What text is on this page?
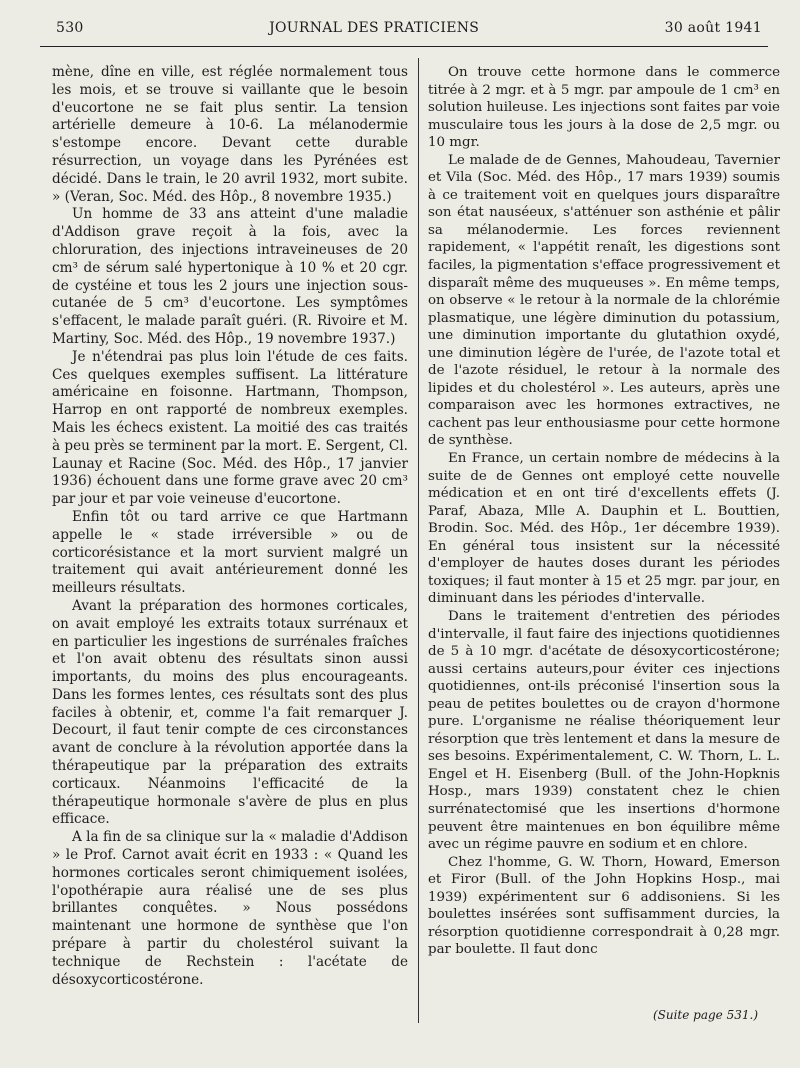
530	JOURNAL DES PRATICIENS	30 août 1941

mène, dîne en ville, est réglée normalement tous les mois, et se trouve si vaillante que le besoin d'eucortone ne se fait plus sentir. La tension artérielle demeure à 10-6. La mélanodermie s'estompe encore. Devant cette durable résurrection, un voyage dans les Pyrénées est décidé. Dans le train, le 20 avril 1932, mort subite. » (Veran, Soc. Méd. des Hôp., 8 novembre 1935.)

Un homme de 33 ans atteint d'une maladie d'Addison grave reçoit à la fois, avec la chloruration, des injections intraveineuses de 20 cm³ de sérum salé hypertonique à 10 % et 20 cgr. de cystéine et tous les 2 jours une injection sous-cutanée de 5 cm³ d'eucortone. Les symptômes s'effacent, le malade paraît guéri. (R. Rivoire et M. Martiny, Soc. Méd. des Hôp., 19 novembre 1937.)

Je n'étendrai pas plus loin l'étude de ces faits. Ces quelques exemples suffisent. La littérature américaine en foisonne. Hartmann, Thompson, Harrop en ont rapporté de nombreux exemples. Mais les échecs existent. La moitié des cas traités à peu près se terminent par la mort. E. Sergent, Cl. Launay et Racine (Soc. Méd. des Hôp., 17 janvier 1936) échouent dans une forme grave avec 20 cm³ par jour et par voie veineuse d'eucortone.

Enfin tôt ou tard arrive ce que Hartmann appelle le « stade irréversible » ou de corticorésistance et la mort survient malgré un traitement qui avait antérieurement donné les meilleurs résultats.

Avant la préparation des hormones corticales, on avait employé les extraits totaux surrénaux et en particulier les ingestions de surrénales fraîches et l'on avait obtenu des résultats sinon aussi importants, du moins des plus encourageants. Dans les formes lentes, ces résultats sont des plus faciles à obtenir, et, comme l'a fait remarquer J. Decourt, il faut tenir compte de ces circonstances avant de conclure à la révolution apportée dans la thérapeutique par la préparation des extraits corticaux. Néanmoins l'efficacité de la thérapeutique hormonale s'avère de plus en plus efficace.

A la fin de sa clinique sur la « maladie d'Addison » le Prof. Carnot avait écrit en 1933 : « Quand les hormones corticales seront chimiquement isolées, l'opothérapie aura réalisé une de ses plus brillantes conquêtes. » Nous possédons maintenant une hormone de synthèse que l'on prépare à partir du cholestérol suivant la technique de Rechstein : l'acétate de désoxycorticostérone.

On trouve cette hormone dans le commerce titrée à 2 mgr. et à 5 mgr. par ampoule de 1 cm³ en solution huileuse. Les injections sont faites par voie musculaire tous les jours à la dose de 2,5 mgr. ou 10 mgr.

Le malade de de Gennes, Mahoudeau, Tavernier et Vila (Soc. Méd. des Hôp., 17 mars 1939) soumis à ce traitement voit en quelques jours disparaître son état nauséeux, s'atténuer son asthénie et pâlir sa mélanodermie. Les forces reviennent rapidement, « l'appétit renaît, les digestions sont faciles, la pigmentation s'efface progressivement et disparaît même des muqueuses ». En même temps, on observe « le retour à la normale de la chlorémie plasmatique, une légère diminution du potassium, une diminution importante du glutathion oxydé, une diminution légère de l'urée, de l'azote total et de l'azote résiduel, le retour à la normale des lipides et du cholestérol ». Les auteurs, après une comparaison avec les hormones extractives, ne cachent pas leur enthousiasme pour cette hormone de synthèse.

En France, un certain nombre de médecins à la suite de de Gennes ont employé cette nouvelle médication et en ont tiré d'excellents effets (J. Paraf, Abaza, Mlle A. Dauphin et L. Bouttien, Brodin. Soc. Méd. des Hôp., 1er décembre 1939). En général tous insistent sur la nécessité d'employer de hautes doses durant les périodes toxiques; il faut monter à 15 et 25 mgr. par jour, en diminuant dans les périodes d'intervalle.

Dans le traitement d'entretien des périodes d'intervalle, il faut faire des injections quotidiennes de 5 à 10 mgr. d'acétate de désoxycorticostérone; aussi certains auteurs,pour éviter ces injections quotidiennes, ont-ils préconisé l'insertion sous la peau de petites boulettes ou de crayon d'hormone pure. L'organisme ne réalise théoriquement leur résorption que très lentement et dans la mesure de ses besoins. Expérimentalement, C. W. Thorn, L. L. Engel et H. Eisenberg (Bull. of the John-Hopknis Hosp., mars 1939) constatent chez le chien surrénatectomisé que les insertions d'hormone peuvent être maintenues en bon équilibre même avec un régime pauvre en sodium et en chlore.

Chez l'homme, G. W. Thorn, Howard, Emerson et Firor (Bull. of the John Hopkins Hosp., mai 1939) expérimentent sur 6 addisoniens. Si les boulettes insérées sont suffisamment durcies, la résorption quotidienne correspondrait à 0,28 mgr. par boulette. Il faut donc

(Suite page 531.)
